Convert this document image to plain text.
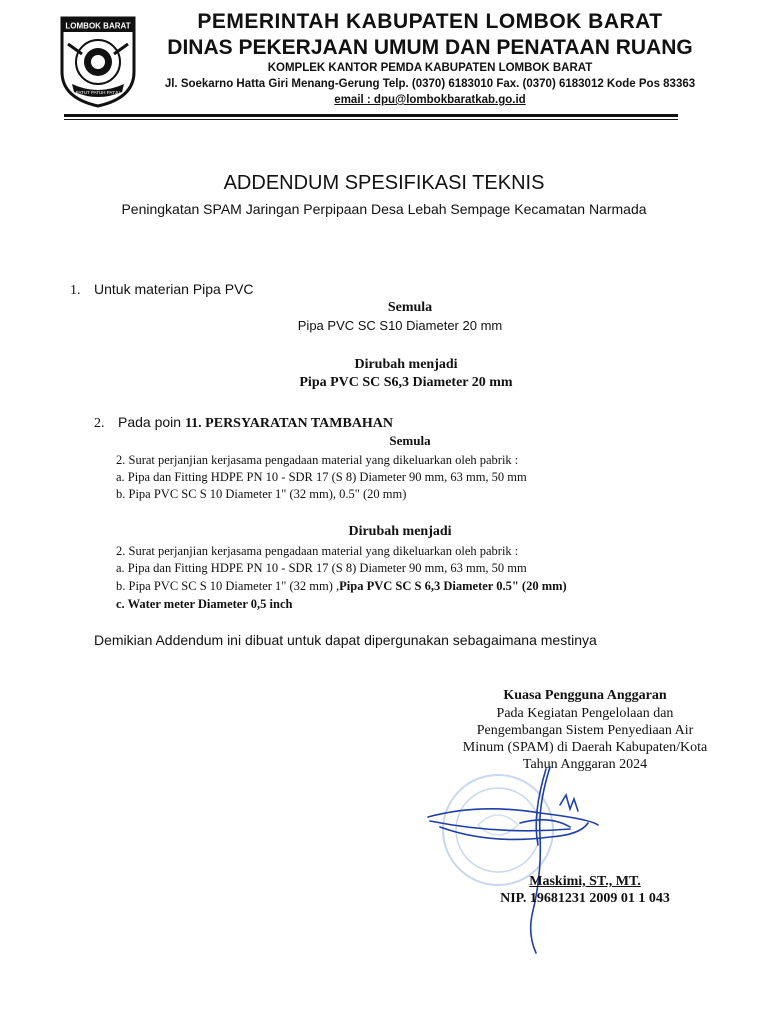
LOMBOK BARAT
PATUT PATUH PATJU
PEMERINTAH KABUPATEN LOMBOK BARAT
DINAS PEKERJAAN UMUM DAN PENATAAN RUANG
KOMPLEK KANTOR PEMDA KABUPATEN LOMBOK BARAT
Jl. Soekarno Hatta Giri Menang-Gerung Telp. (0370) 6183010 Fax. (0370) 6183012 Kode Pos 83363
email : dpu@lombokbaratkab.go.id
ADDENDUM SPESIFIKASI TEKNIS
Peningkatan SPAM Jaringan Perpipaan Desa Lebah Sempage Kecamatan Narmada
1. Untuk materian Pipa PVC
Semula
Pipa PVC SC S10 Diameter 20 mm
Dirubah menjadi
Pipa PVC SC S6,3 Diameter 20 mm
2. Pada poin 11. PERSYARATAN TAMBAHAN
Semula
2. Surat perjanjian kerjasama pengadaan material yang dikeluarkan oleh pabrik :
a. Pipa dan Fitting HDPE PN 10 - SDR 17 (S 8) Diameter 90 mm, 63 mm, 50 mm
b. Pipa PVC SC S 10 Diameter 1" (32 mm), 0.5" (20 mm)
Dirubah menjadi
2. Surat perjanjian kerjasama pengadaan material yang dikeluarkan oleh pabrik :
a. Pipa dan Fitting HDPE PN 10 - SDR 17 (S 8) Diameter 90 mm, 63 mm, 50 mm
b. Pipa PVC SC S 10 Diameter 1" (32 mm) ,Pipa PVC SC S 6,3 Diameter 0.5" (20 mm)
c. Water meter Diameter 0,5 inch
Demikian Addendum ini dibuat untuk dapat dipergunakan sebagaimana mestinya
Kuasa Pengguna Anggaran
Pada Kegiatan Pengelolaan dan
Pengembangan Sistem Penyediaan Air
Minum (SPAM) di Daerah Kabupaten/Kota
Tahun Anggaran 2024
Maskimi, ST., MT.
NIP. 19681231 2009 01 1 043
